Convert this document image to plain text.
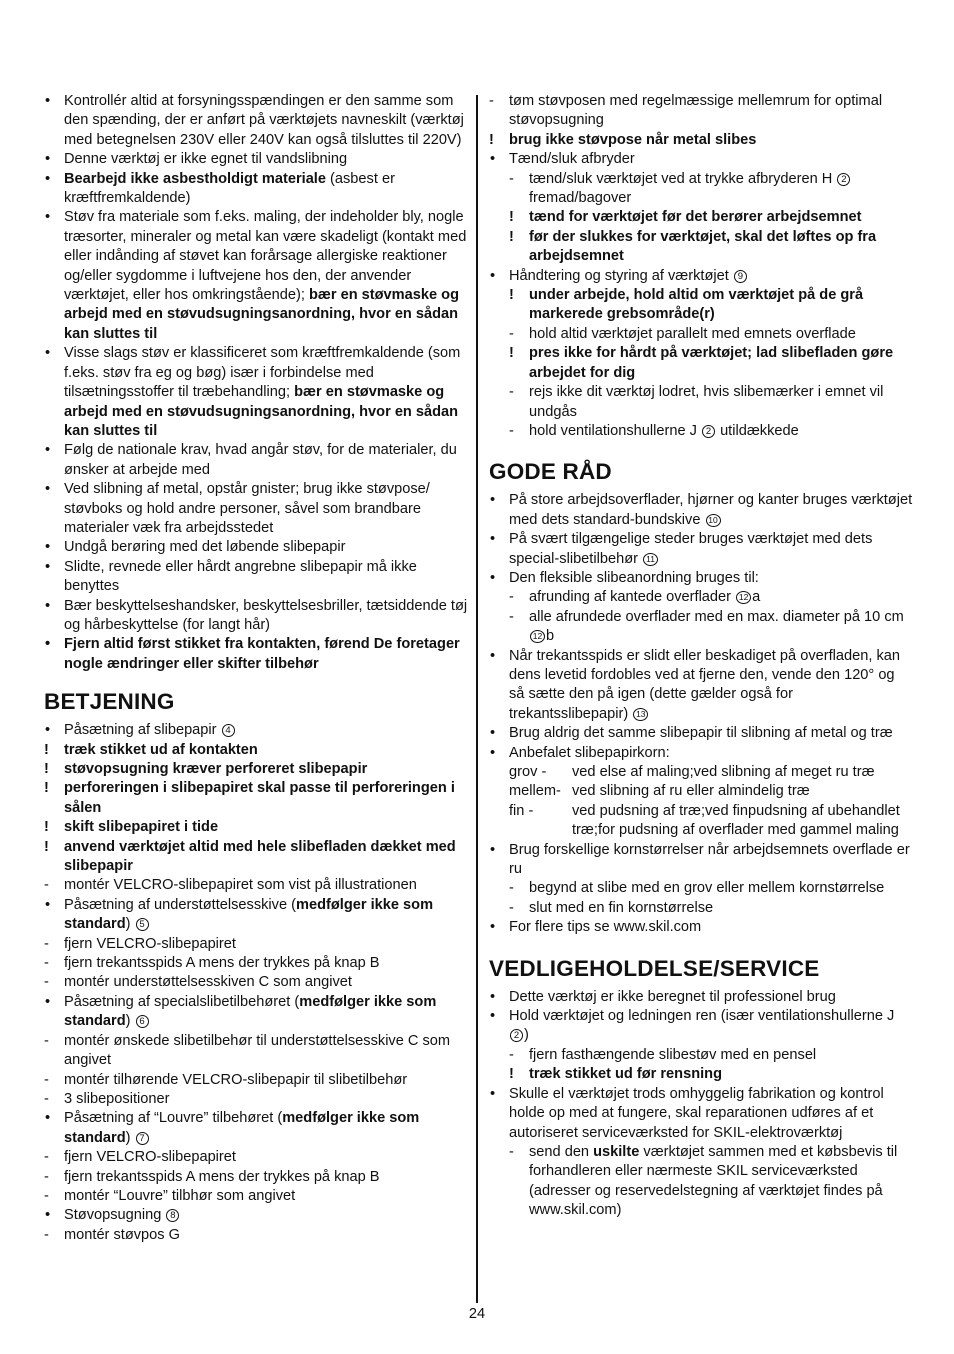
•
Kontrollér altid at forsyningsspændingen er den samme som den spænding, der er anført på værktøjets navneskilt (værktøj med betegnelsen 230V eller 240V kan også tilsluttes til 220V)
•
Denne værktøj er ikke egnet til vandslibning
•
Bearbejd ikke asbestholdigt materiale (asbest er kræftfremkaldende)
•
Støv fra materiale som f.eks. maling, der indeholder bly, nogle træsorter, mineraler og metal kan være skadeligt (kontakt med eller indånding af støvet kan forårsage allergiske reaktioner og/eller sygdomme i luftvejene hos den, der anvender værktøjet, eller hos omkringstående); bær en støvmaske og arbejd med en støvudsugningsanordning, hvor en sådan kan sluttes til
•
Visse slags støv er klassificeret som kræftfremkaldende (som f.eks. støv fra eg og bøg) især i forbindelse med tilsætningsstoffer til træbehandling; bær en støvmaske og arbejd med en støvudsugningsanordning, hvor en sådan kan sluttes til
•
Følg de nationale krav, hvad angår støv, for de materialer, du ønsker at arbejde med
•
Ved slibning af metal, opstår gnister; brug ikke støvpose/ støvboks og hold andre personer, såvel som brandbare materialer væk fra arbejdsstedet
•
Undgå berøring med det løbende slibepapir
•
Slidte, revnede eller hårdt angrebne slibepapir må ikke benyttes
•
Bær beskyttelseshandsker, beskyttelsesbriller, tætsiddende tøj og hårbeskyttelse (for langt hår)
•
Fjern altid først stikket fra kontakten, førend De foretager nogle ændringer eller skifter tilbehør
BETJENING
•
Påsætning af slibepapir 4
!
træk stikket ud af kontakten
!
støvopsugning kræver perforeret slibepapir
!
perforeringen i slibepapiret skal passe til perforeringen i sålen
!
skift slibepapiret i tide
!
anvend værktøjet altid med hele slibefladen dækket med slibepapir
-
montér VELCRO-slibepapiret som vist på illustrationen
•
Påsætning af understøttelsesskive (medfølger ikke som standard) 5
-
fjern VELCRO-slibepapiret
-
fjern trekantsspids A mens der trykkes på knap B
-
montér understøttelsesskiven C som angivet
•
Påsætning af specialslibetilbehøret (medfølger ikke som standard) 6
-
montér ønskede slibetilbehør til understøttelsesskive C som angivet
-
montér tilhørende VELCRO-slibepapir til slibetilbehør
-
3 slibepositioner
•
Påsætning af “Louvre” tilbehøret (medfølger ikke som standard) 7
-
fjern VELCRO-slibepapiret
-
fjern trekantsspids A mens der trykkes på knap B
-
montér “Louvre” tilbhør som angivet
•
Støvopsugning 8
-
montér støvpos G
-
tøm støvposen med regelmæssige mellemrum for optimal støvopsugning
!
brug ikke støvpose når metal slibes
•
Tænd/sluk afbryder
-
tænd/sluk værktøjet ved at trykke afbryderen H 2 fremad/bagover
!
tænd for værktøjet før det berører arbejdsemnet
!
før der slukkes for værktøjet, skal det løftes op fra arbejdsemnet
•
Håndtering og styring af værktøjet 9
!
under arbejde, hold altid om værktøjet på de grå markerede grebsområde(r)
-
hold altid værktøjet parallelt med emnets overflade
!
pres ikke for hårdt på værktøjet; lad slibefladen gøre arbejdet for dig
-
rejs ikke dit værktøj lodret, hvis slibemærker i emnet vil undgås
-
hold ventilationshullerne J 2 utildækkede
GODE RÅD
•
På store arbejdsoverflader, hjørner og kanter bruges værktøjet med dets standard-bundskive 10
•
På svært tilgængelige steder bruges værktøjet med dets special-slibetilbehør 11
•
Den fleksible slibeanordning bruges til:
-
afrunding af kantede overflader 12 a
-
alle afrundede overflader med en max. diameter på 10 cm 12 b
•
Når trekantsspids er slidt eller beskadiget på overfladen, kan dens levetid fordobles ved at fjerne den, vende den 120° og så sætte den på igen (dette gælder også for trekantsslibepapir) 13
•
Brug aldrig det samme slibepapir til slibning af metal og træ
•
Anbefalet slibepapirkorn:
grov -	ved else af maling;ved slibning af meget ru træ
mellem- ved slibning af ru eller almindelig træ
fin -	ved pudsning af træ;ved finpudsning af ubehandlet træ;for pudsning af overflader med gammel maling
•
Brug forskellige kornstørrelser når arbejdsemnets overflade er ru
-
begynd at slibe med en grov eller mellem kornstørrelse
-
slut med en fin kornstørrelse
•
For flere tips se www.skil.com
VEDLIGEHOLDELSE/SERVICE
•
Dette værktøj er ikke beregnet til professionel brug
•
Hold værktøjet og ledningen ren (især ventilationshullerne J 2 )
-
fjern fasthængende slibestøv med en pensel
!
træk stikket ud før rensning
•
Skulle el værktøjet trods omhyggelig fabrikation og kontrol holde op med at fungere, skal reparationen udføres af et autoriseret serviceværksted for SKIL-elektroværktøj
-
send den uskilte værktøjet sammen med et købsbevis til forhandleren eller nærmeste SKIL serviceværksted (adresser og reservedelstegning af værktøjet findes på www.skil.com)
24
